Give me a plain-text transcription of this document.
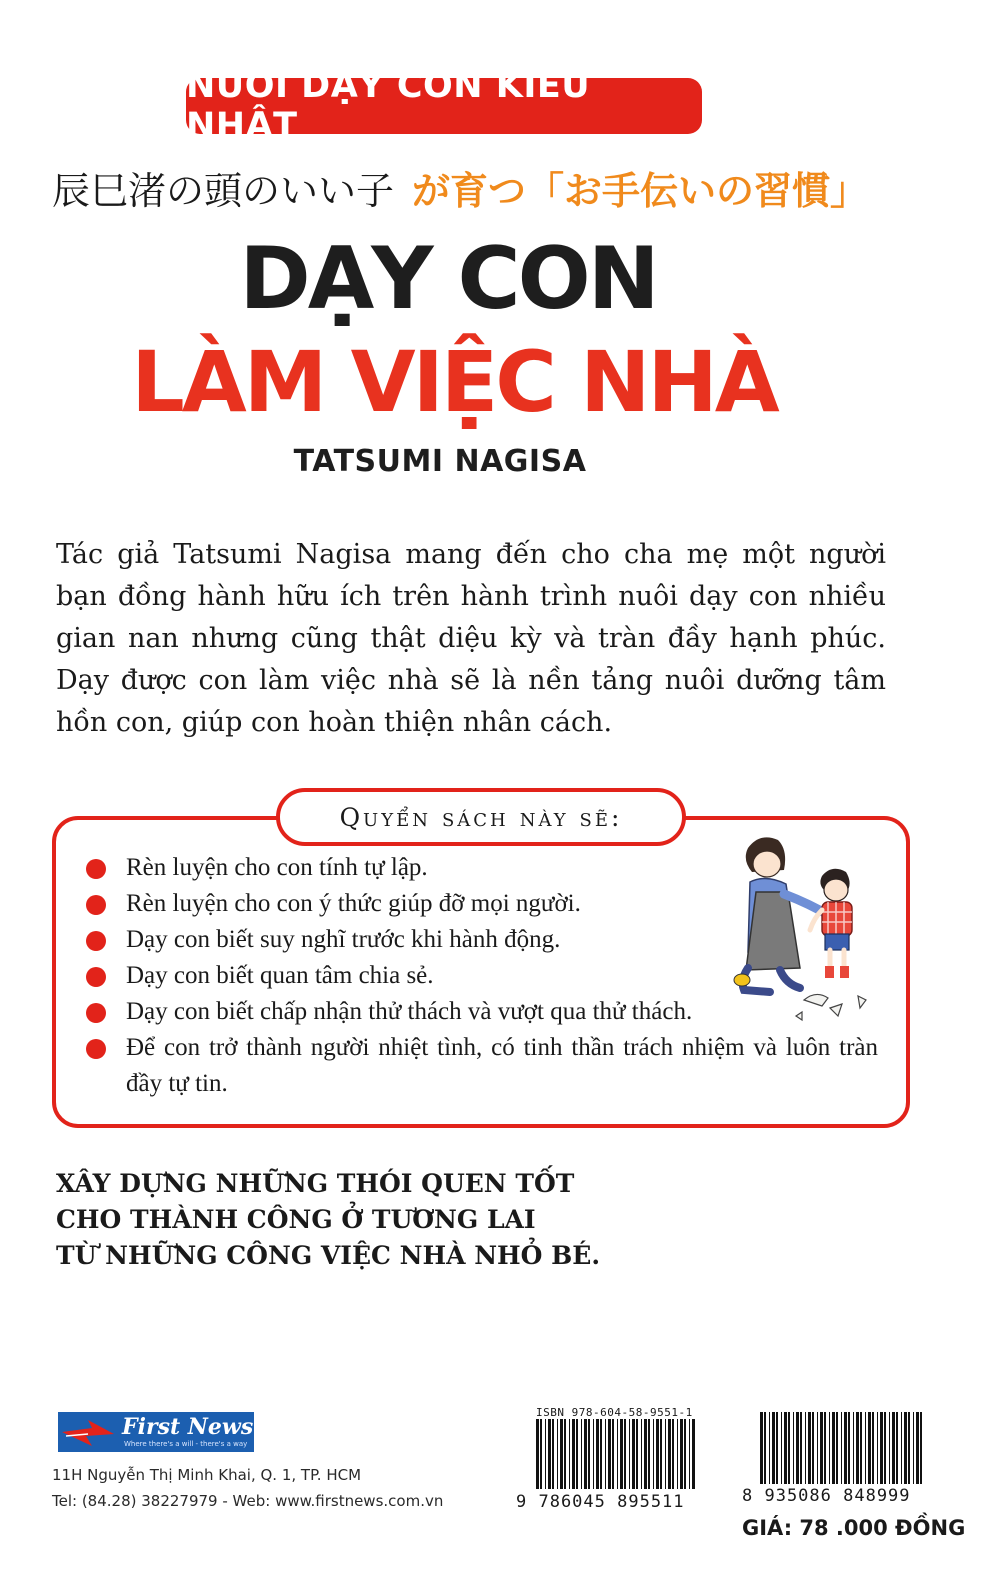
NUÔI DẠY CON KIỂU NHẬT
辰巳渚の頭のいい子 が育つ「お手伝いの習慣」
DẠY CON
LÀM VIỆC NHÀ
TATSUMI NAGISA
Tác giả Tatsumi Nagisa mang đến cho cha mẹ một người bạn đồng hành hữu ích trên hành trình nuôi dạy con nhiều gian nan nhưng cũng thật diệu kỳ và tràn đầy hạnh phúc. Dạy được con làm việc nhà sẽ là nền tảng nuôi dưỡng tâm hồn con, giúp con hoàn thiện nhân cách.
Quyển sách này sẽ:
Rèn luyện cho con tính tự lập.
Rèn luyện cho con ý thức giúp đỡ mọi người.
Dạy con biết suy nghĩ trước khi hành động.
Dạy con biết quan tâm chia sẻ.
Dạy con biết chấp nhận thử thách và vượt qua thử thách.
Để con trở thành người nhiệt tình, có tinh thần trách nhiệm và luôn tràn đầy tự tin.
XÂY DỰNG NHỮNG THÓI QUEN TỐT
CHO THÀNH CÔNG Ở TƯƠNG LAI
TỪ NHỮNG CÔNG VIỆC NHÀ NHỎ BÉ.
First News
Where there's a will - there's a way
11H Nguyễn Thị Minh Khai, Q. 1, TP. HCM
Tel: (84.28) 38227979 - Web: www.firstnews.com.vn
ISBN 978-604-58-9551-1
9 786045 895511	8 935086 848999
GIÁ: 78 .000 ĐỒNG
